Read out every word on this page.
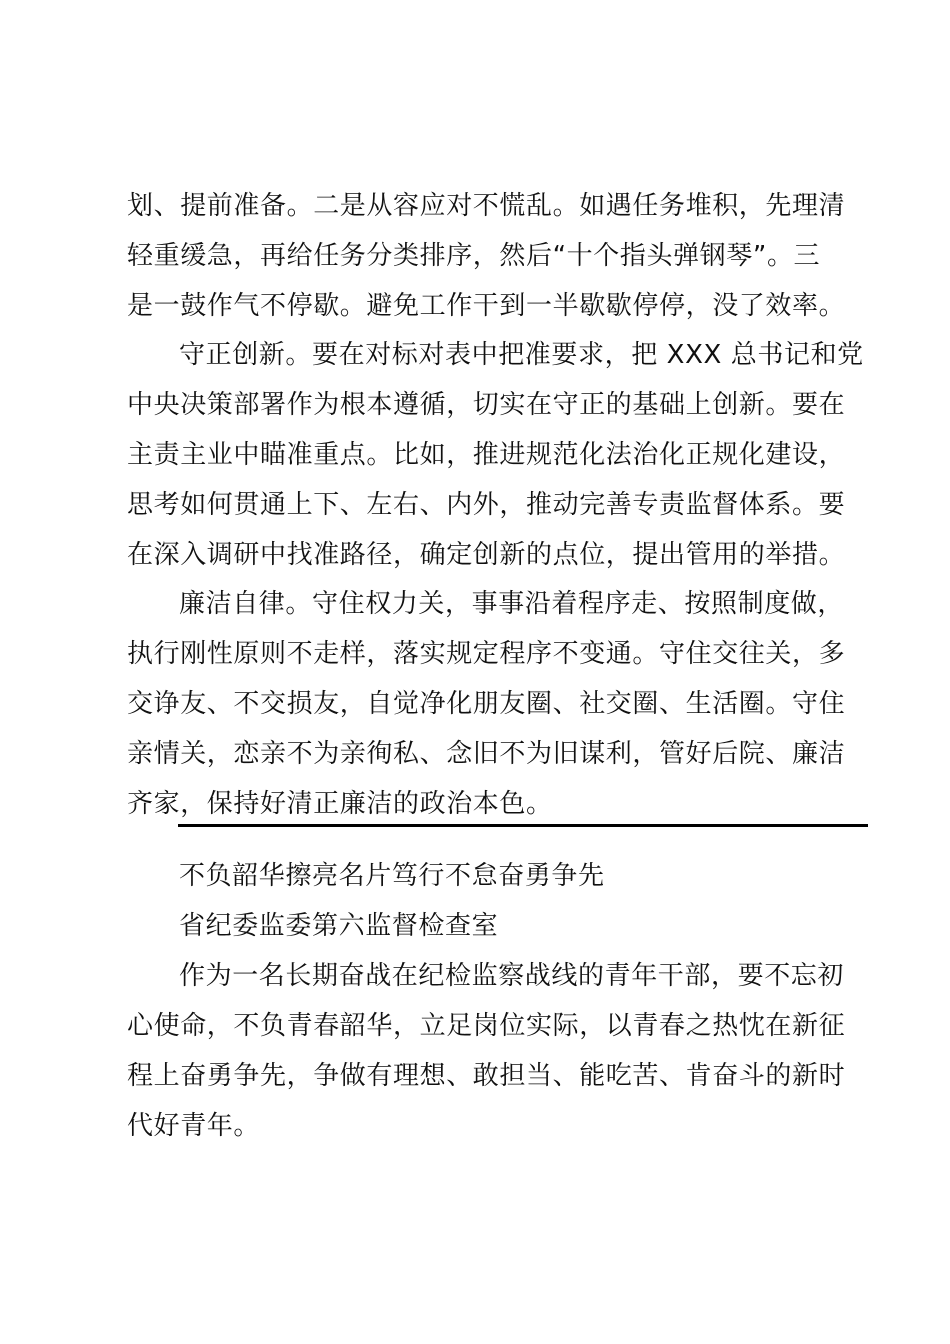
划、提前准备。二是从容应对不慌乱。如遇任务堆积，先理清
轻重缓急，再给任务分类排序，然后“十个指头弹钢琴”。三
是一鼓作气不停歇。避免工作干到一半歇歇停停，没了效率。
守正创新。要在对标对表中把准要求，把 XXX 总书记和党
中央决策部署作为根本遵循，切实在守正的基础上创新。要在
主责主业中瞄准重点。比如，推进规范化法治化正规化建设，
思考如何贯通上下、左右、内外，推动完善专责监督体系。要
在深入调研中找准路径，确定创新的点位，提出管用的举措。
廉洁自律。守住权力关，事事沿着程序走、按照制度做，
执行刚性原则不走样，落实规定程序不变通。守住交往关，多
交诤友、不交损友，自觉净化朋友圈、社交圈、生活圈。守住
亲情关，恋亲不为亲徇私、念旧不为旧谋利，管好后院、廉洁
齐家，保持好清正廉洁的政治本色。
不负韶华擦亮名片笃行不怠奋勇争先
省纪委监委第六监督检查室
作为一名长期奋战在纪检监察战线的青年干部，要不忘初
心使命，不负青春韶华，立足岗位实际，以青春之热忱在新征
程上奋勇争先，争做有理想、敢担当、能吃苦、肯奋斗的新时
代好青年。
